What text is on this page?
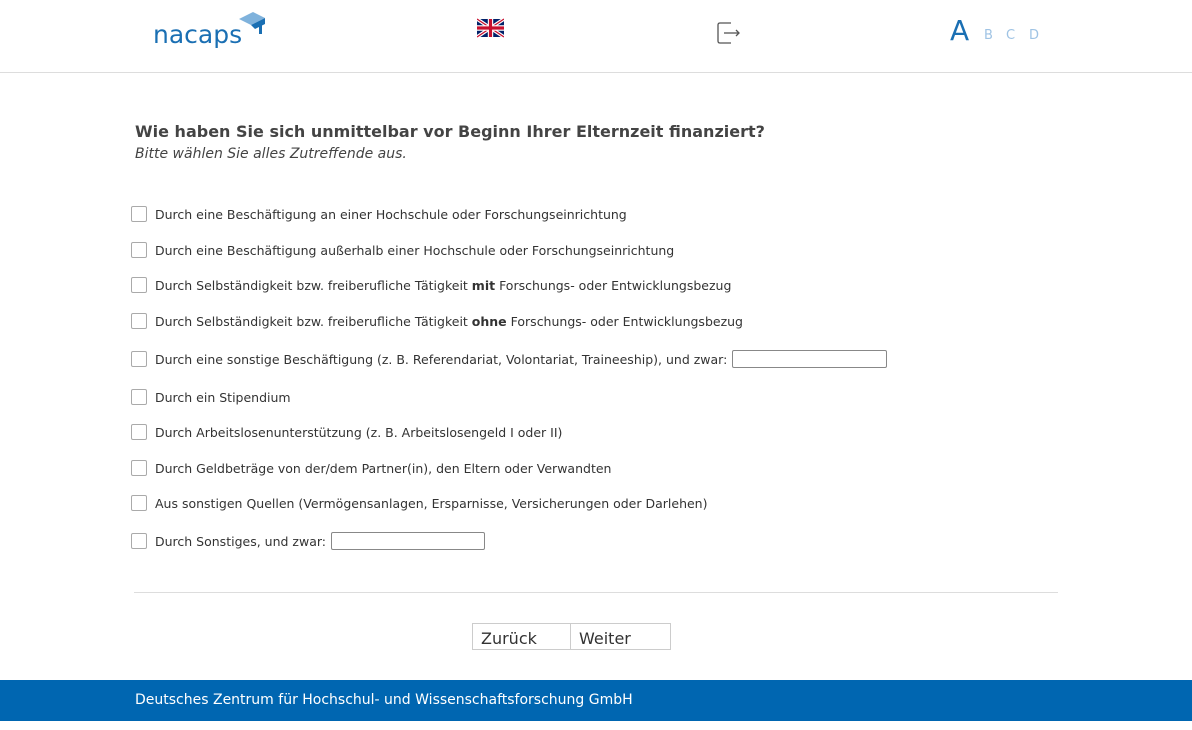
nacaps	A B C D
Wie haben Sie sich unmittelbar vor Beginn Ihrer Elternzeit finanziert?
Bitte wählen Sie alles Zutreffende aus.
Durch eine Beschäftigung an einer Hochschule oder Forschungseinrichtung
Durch eine Beschäftigung außerhalb einer Hochschule oder Forschungseinrichtung
Durch Selbständigkeit bzw. freiberufliche Tätigkeit mit Forschungs- oder Entwicklungsbezug
Durch Selbständigkeit bzw. freiberufliche Tätigkeit ohne Forschungs- oder Entwicklungsbezug
Durch eine sonstige Beschäftigung (z. B. Referendariat, Volontariat, Traineeship), und zwar:
Durch ein Stipendium
Durch Arbeitslosenunterstützung (z. B. Arbeitslosengeld I oder II)
Durch Geldbeträge von der/dem Partner(in), den Eltern oder Verwandten
Aus sonstigen Quellen (Vermögensanlagen, Ersparnisse, Versicherungen oder Darlehen)
Durch Sonstiges, und zwar:
Zurück	Weiter
Deutsches Zentrum für Hochschul- und Wissenschaftsforschung GmbH
